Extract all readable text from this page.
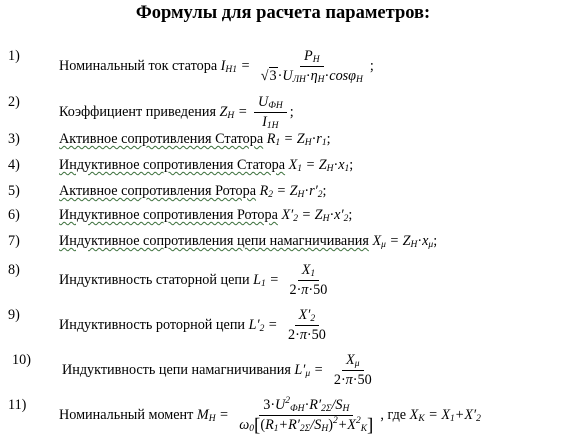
Формулы для расчета параметров:
1)
Номинальный ток статора $I_{H1} = \frac{P_H}{√3\cdot U_{ЛН}\cdot\eta_H\cdot\cos\varphi_H}$ ;
2)
Коэффициент приведения $Z_H = \frac{U_{ФН}}{I_{1H}}$ ;
3)	Активное сопротивления Статора $R_1 = Z_H\cdot r_1$;
4)	Индуктивное сопротивления Статора $X_1 = Z_H\cdot x_1$;
5)	Активное сопротивления Ротора $R_2 = Z_H\cdot r'_2$;
6)	Индуктивное сопротивления Ротора $X'_2 = Z_H\cdot x'_2$;
7)	Индуктивное сопротивления цепи намагничивания $X_\mu = Z_H\cdot x_\mu$;
8)
Индуктивность статорной цепи $L_1 = \frac{X_1}{2\cdot\pi\cdot 50}$
9)
Индуктивность роторной цепи $L'_2 = \frac{X'_2}{2\cdot\pi\cdot 50}$
10)
Индуктивность цепи намагничивания $L'_\mu = \frac{X_\mu}{2\cdot\pi\cdot 50}$
11)
Номинальный момент $M_H = \frac{3\cdot U^2_{ФН}\cdot R'_{2\Sigma}/S_H}{\omega_0[(R_1+R'_{2\Sigma}/S_H)^2+X^2_K]}$ , где $X_K = X_1+X'_2$
